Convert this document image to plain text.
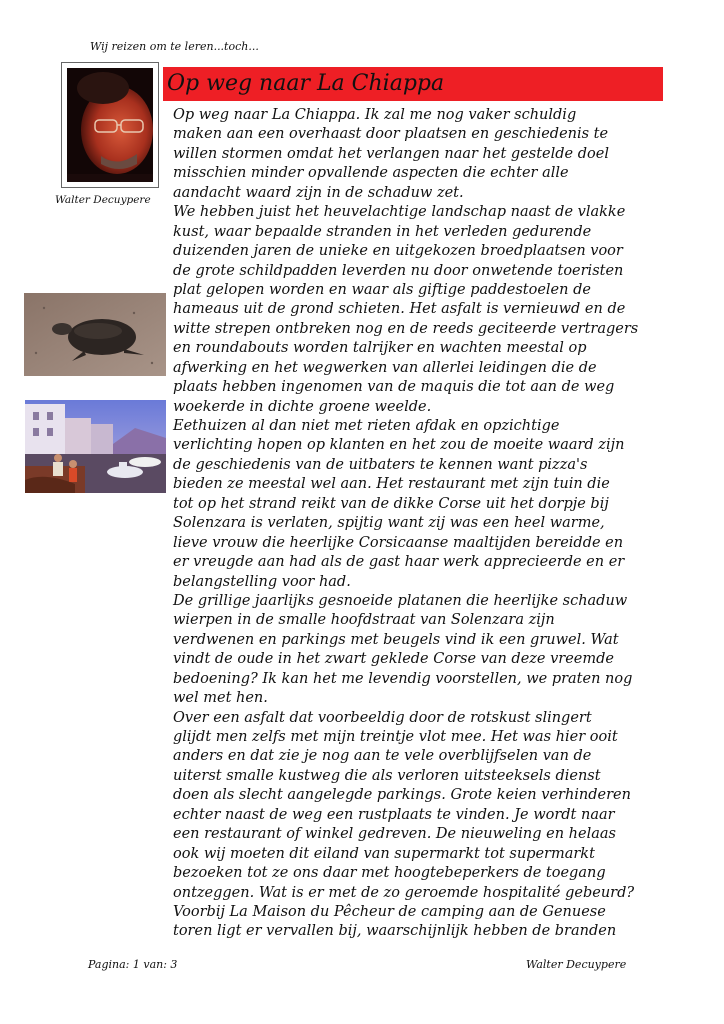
Wij reizen om te leren...toch...
Walter Decuypere
Op weg naar La Chiappa
Op weg naar La Chiappa. Ik zal me nog vaker schuldig
maken aan een overhaast door plaatsen en geschiedenis te
willen stormen omdat het verlangen naar het gestelde doel
misschien minder opvallende aspecten die echter alle
aandacht waard zijn in de schaduw zet.
We hebben juist het heuvelachtige landschap naast de vlakke
kust, waar bepaalde stranden in het verleden gedurende
duizenden jaren de unieke en uitgekozen broedplaatsen voor
de grote schildpadden leverden nu door onwetende toeristen
plat gelopen worden en waar als giftige paddestoelen de
hameaus uit de grond schieten. Het asfalt is vernieuwd en de
witte strepen ontbreken nog en de reeds geciteerde vertragers
en roundabouts worden talrijker en wachten meestal op
afwerking en het wegwerken van allerlei leidingen die de
plaats hebben ingenomen van de maquis die tot aan de weg
woekerde in dichte groene weelde.
Eethuizen al dan niet met rieten afdak en opzichtige
verlichting hopen op klanten en het zou de moeite waard zijn
de geschiedenis van de uitbaters te kennen want pizza's
bieden ze meestal wel aan. Het restaurant met zijn tuin die
tot op het strand reikt van de dikke Corse uit het dorpje bij
Solenzara is verlaten, spijtig want zij was een heel warme,
lieve vrouw die heerlijke Corsicaanse maaltijden bereidde en
er vreugde aan had als de gast haar werk apprecieerde en er
belangstelling voor had.
De grillige jaarlijks gesnoeide platanen die heerlijke schaduw
wierpen in de smalle hoofdstraat van Solenzara zijn
verdwenen en parkings met beugels vind ik een gruwel. Wat
vindt de oude in het zwart geklede Corse van deze vreemde
bedoening? Ik kan het me levendig voorstellen, we praten nog
wel met hen.
Over een asfalt dat voorbeeldig door de rotskust slingert
glijdt men zelfs met mijn treintje vlot mee. Het was hier ooit
anders en dat zie je nog aan te vele overblijfselen van de
uiterst smalle kustweg die als verloren uitsteeksels dienst
doen als slecht aangelegde parkings. Grote keien verhinderen
echter naast de weg een rustplaats te vinden. Je wordt naar
een restaurant of winkel gedreven. De nieuweling en helaas
ook wij moeten dit eiland van supermarkt tot supermarkt
bezoeken tot ze ons daar met hoogtebeperkers de toegang
ontzeggen. Wat is er met de zo geroemde hospitalité gebeurd?
Voorbij La Maison du Pêcheur de camping aan de Genuese
toren ligt er vervallen bij, waarschijnlijk hebben de branden
Pagina: 1 van: 3	Walter Decuypere
